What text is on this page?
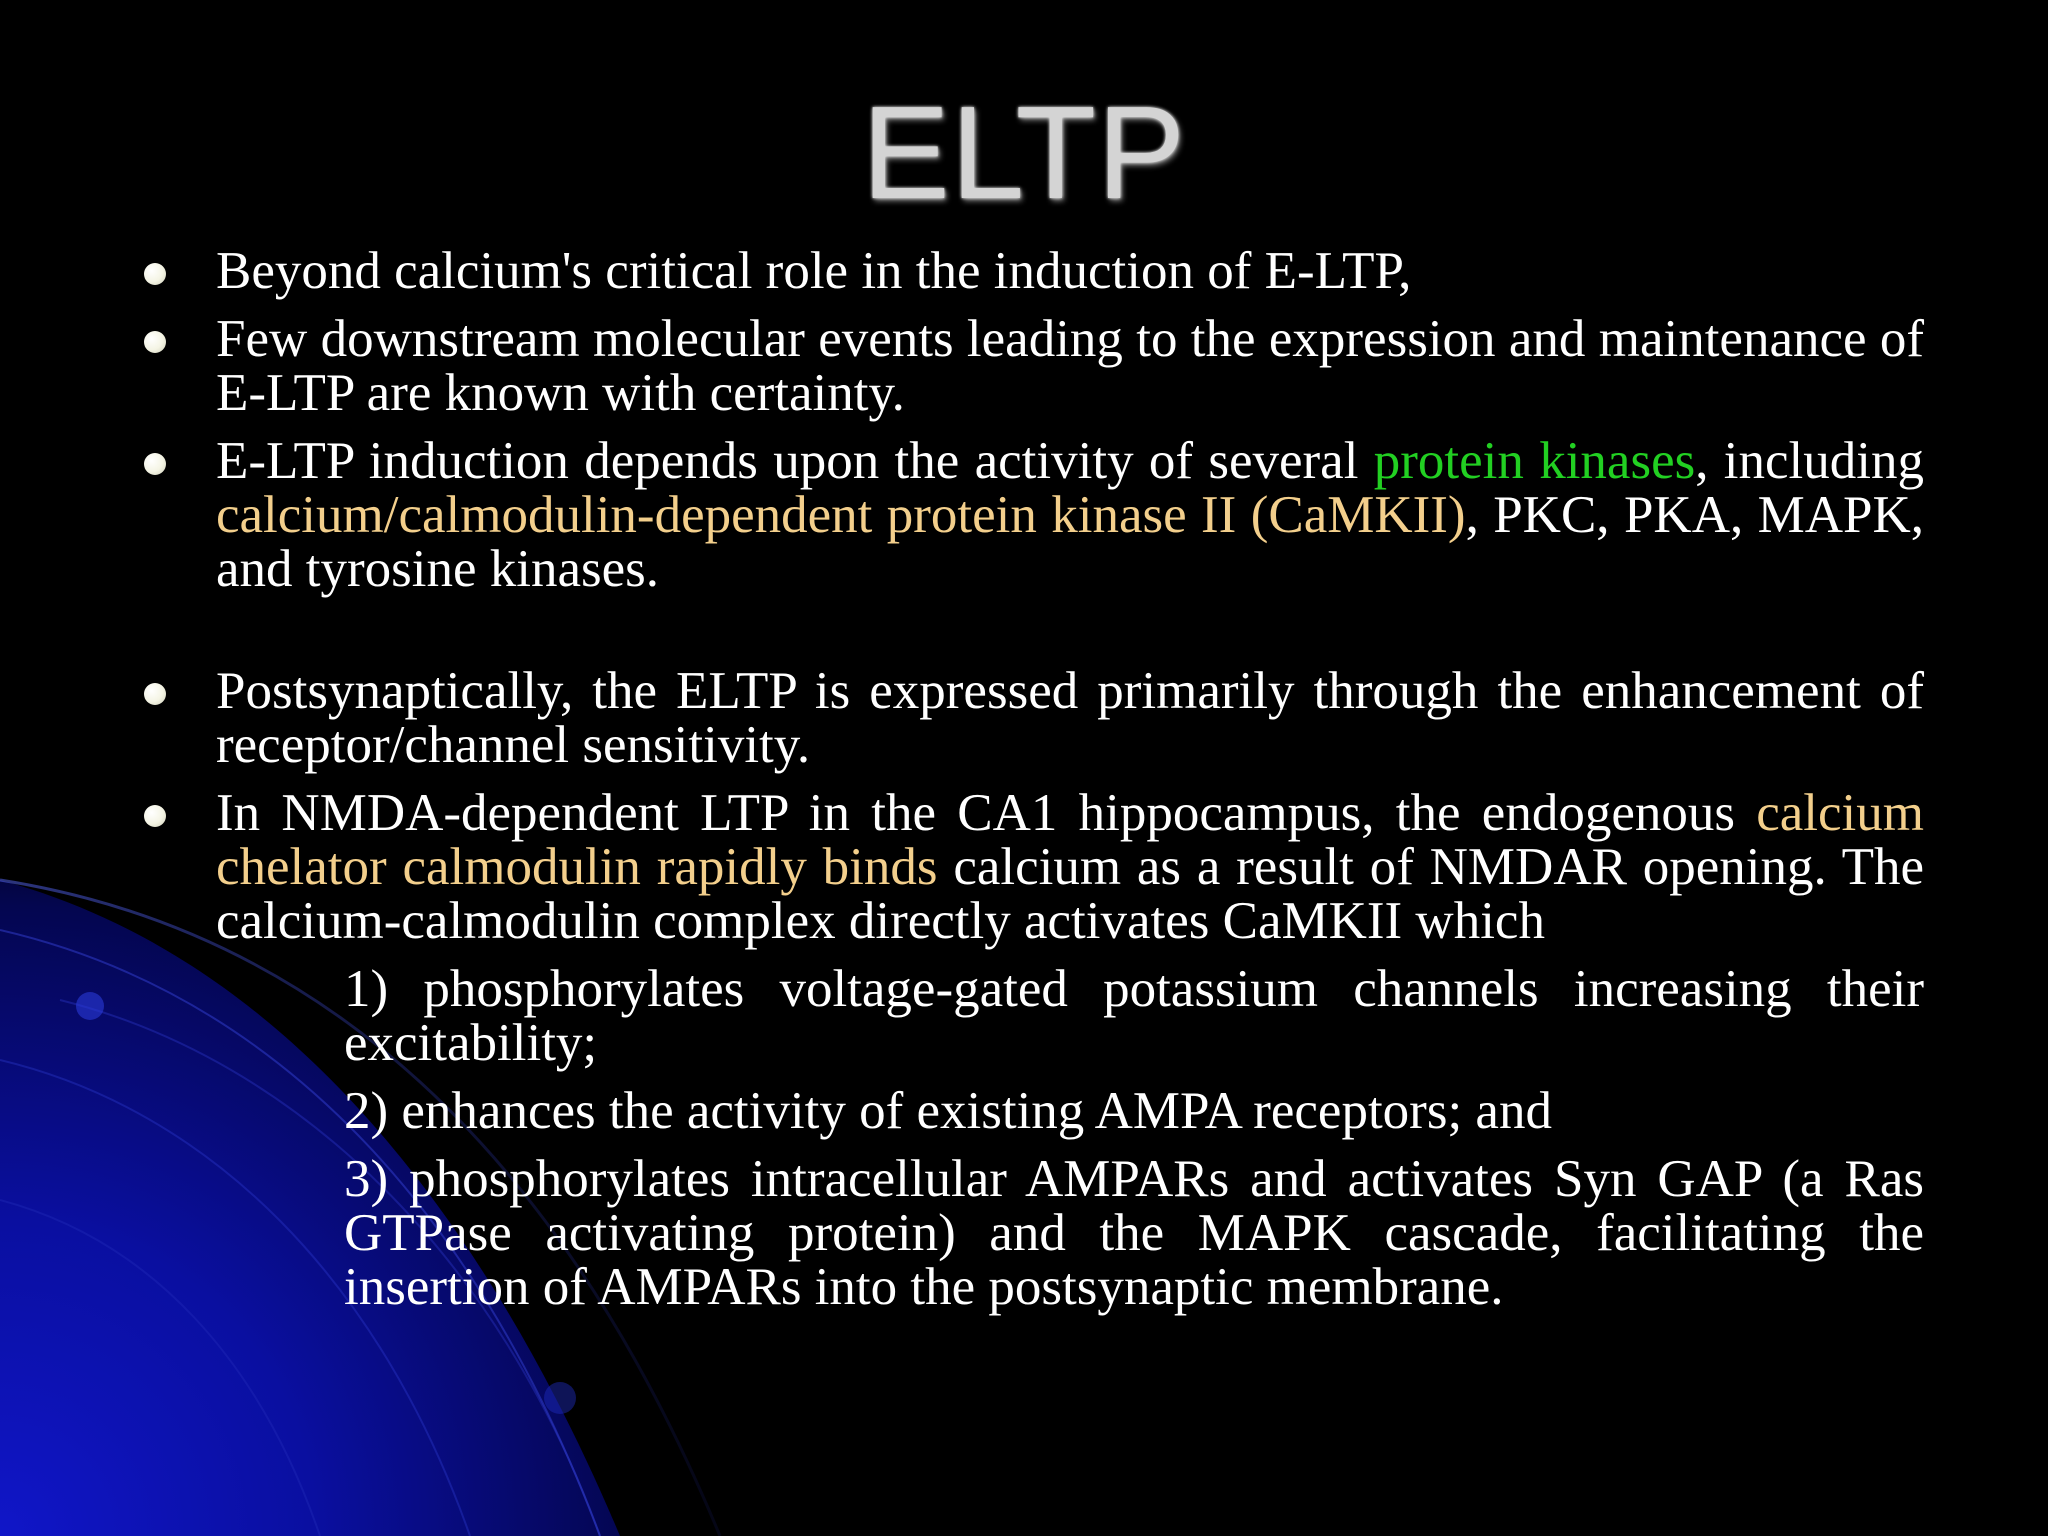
ELTP

Beyond calcium's critical role in the induction of E-LTP,

Few downstream molecular events leading to the expression and maintenance of E-LTP are known with certainty.

E-LTP induction depends upon the activity of several protein kinases, including calcium/calmodulin-dependent protein kinase II (CaMKII), PKC, PKA, MAPK, and tyrosine kinases.

Postsynaptically, the ELTP is expressed primarily through the enhancement of receptor/channel sensitivity.

In NMDA-dependent LTP in the CA1 hippocampus, the endogenous calcium chelator calmodulin rapidly binds calcium as a result of NMDAR opening. The calcium-calmodulin complex directly activates CaMKII which

1) phosphorylates voltage-gated potassium channels increasing their excitability;

2) enhances the activity of existing AMPA receptors; and

3) phosphorylates intracellular AMPARs and activates Syn GAP (a Ras GTPase activating protein) and the MAPK cascade, facilitating the insertion of AMPARs into the postsynaptic membrane.
